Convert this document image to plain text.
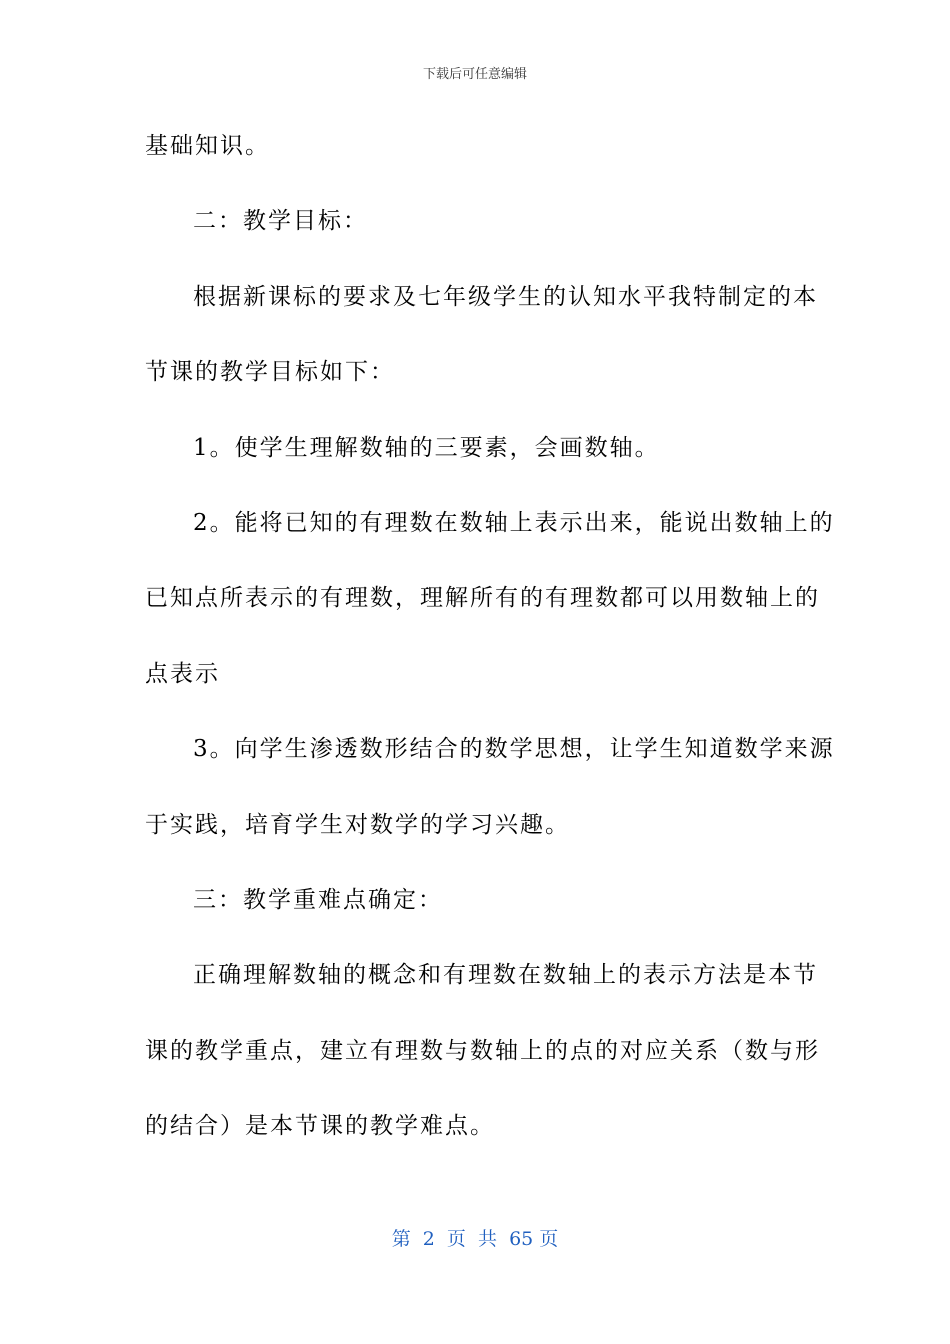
下载后可任意编辑
基础知识。
二：教学目标：
根据新课标的要求及七年级学生的认知水平我特制定的本
节课的教学目标如下：
1。使学生理解数轴的三要素，会画数轴。
2。能将已知的有理数在数轴上表示出来，能说出数轴上的
已知点所表示的有理数，理解所有的有理数都可以用数轴上的
点表示
3。向学生渗透数形结合的数学思想，让学生知道数学来源
于实践，培育学生对数学的学习兴趣。
三：教学重难点确定：
正确理解数轴的概念和有理数在数轴上的表示方法是本节
课的教学重点，建立有理数与数轴上的点的对应关系（数与形
的结合）是本节课的教学难点。
第  2  页  共  65 页
